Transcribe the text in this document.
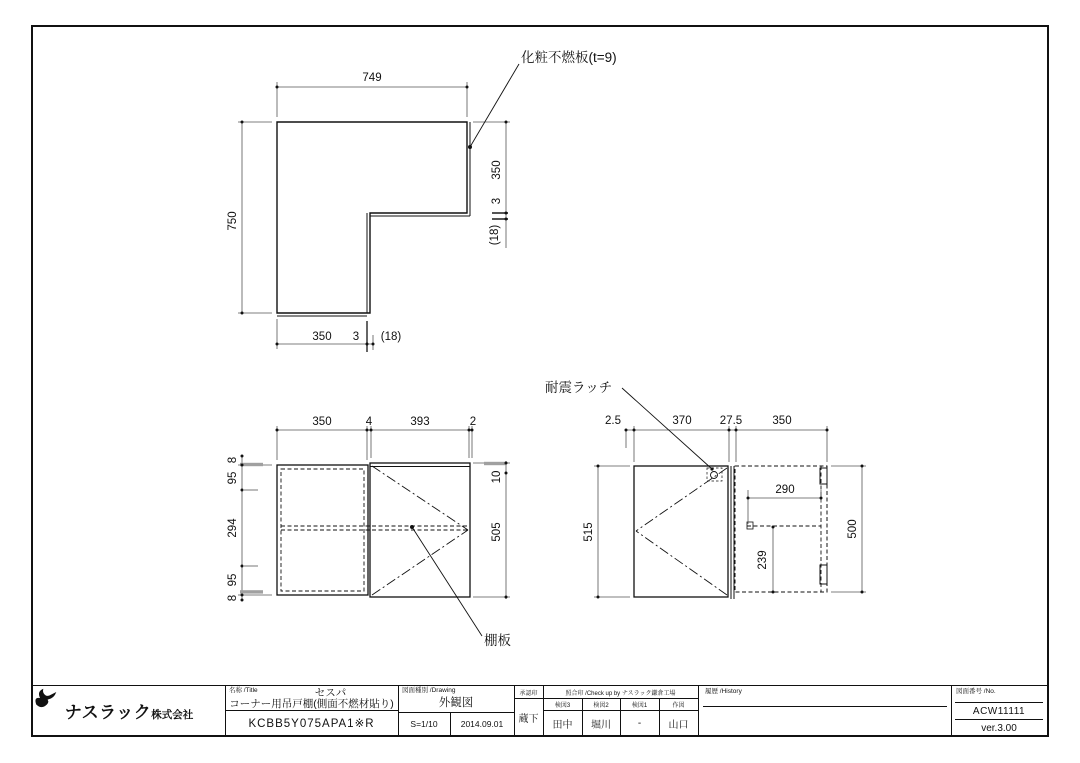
749
750
350
3
(18)
350 3 (18)
化粧不燃板(t=9)
350	4	393	2
8
95
294
95
8
10
505
棚板
2.5	370 27.5	350
515	500
290
239
耐震ラッチ
ナスラック株式会社
名称 /Title	セスパ
コーナー用吊戸棚(側面不燃材貼り)
KCBB5Y075APA1※R
図面種別 /Drawing
外観図
S=1/10	2014.09.01
承認印
蔵下
照合印 /Check up by ナスラック鎌倉工場
検図3	検図2	検図1	作図
田中	堀川	-	山口
履歴 /History	図面番号 /No.
ACW11111
ver.3.00
